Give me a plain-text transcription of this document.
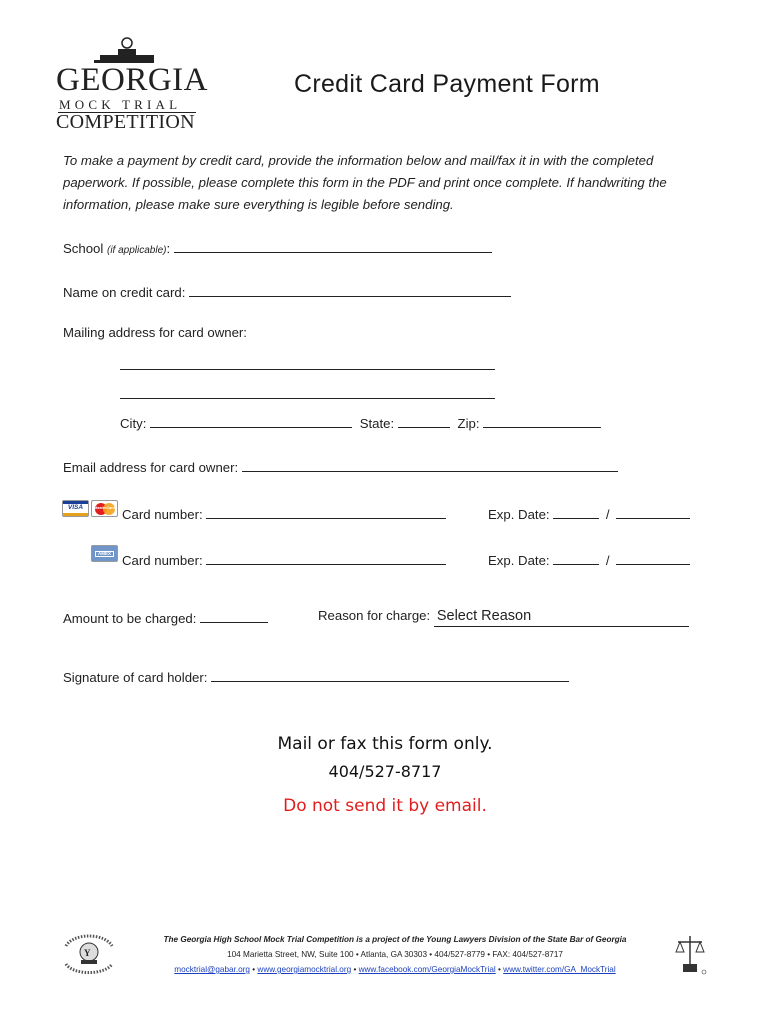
GEORGIA
MOCK TRIAL
COMPETITION
Credit Card Payment Form
To make a payment by credit card, provide the information below and mail/fax it in with the completed paperwork. If possible, please complete this form in the PDF and print once complete. If handwriting the information, please make sure everything is legible before sending.
School (if applicable):
Name on credit card:
Mailing address for card owner:
City:	State:	Zip:
Email address for card owner:
VISA	MasterCard Card number:	Exp. Date:	/
AMEX Card number:	Exp. Date:	/
Amount to be charged:	Reason for charge: Select Reason
Signature of card holder:
Mail or fax this form only.
404/527-8717
Do not send it by email.
Y
The Georgia High School Mock Trial Competition is a project of the Young Lawyers Division of the State Bar of Georgia
104 Marietta Street, NW, Suite 100 • Atlanta, GA 30303 • 404/527-8779 • FAX: 404/527-8717
mocktrial@gabar.org • www.georgiamocktrial.org • www.facebook.com/GeorgiaMockTrial • www.twitter.com/GA_MockTrial
